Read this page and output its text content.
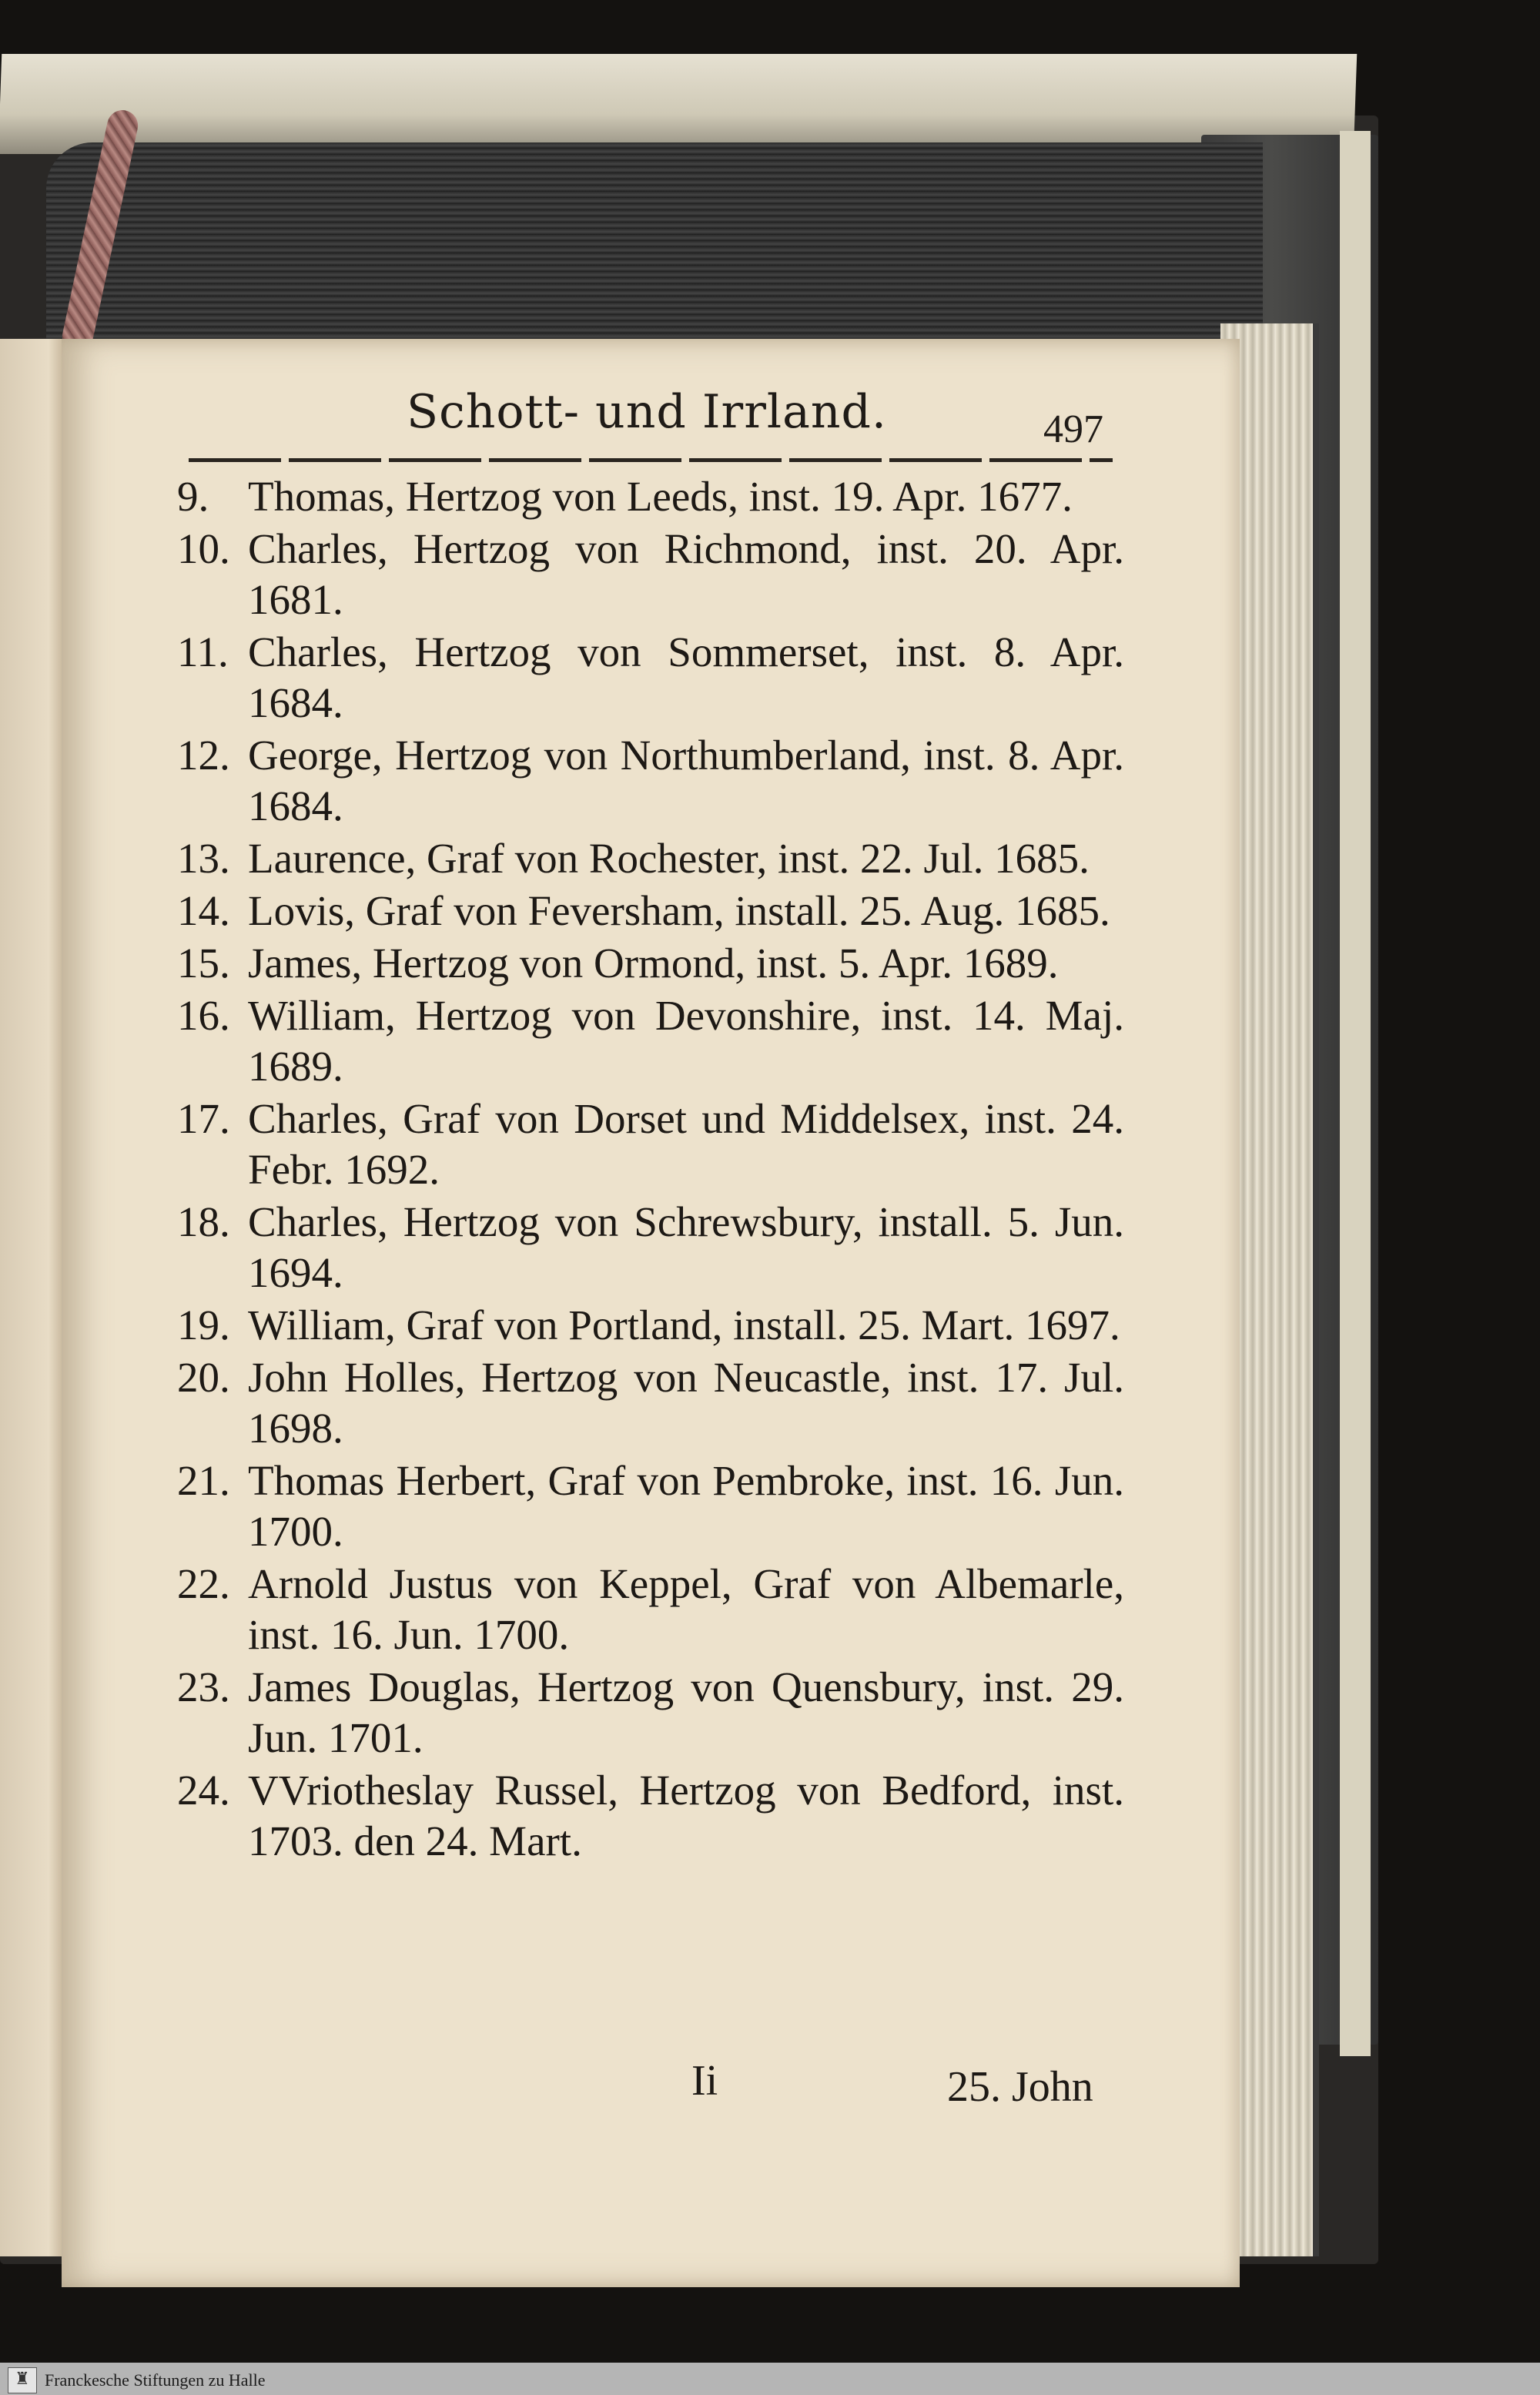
Schott- und Irrland.	497
9. Thomas, Hertzog von Leeds, inst. 19. Apr. 1677.
10. Charles, Hertzog von Richmond, inst. 20. Apr. 1681.
11. Charles, Hertzog von Sommerset, inst. 8. Apr. 1684.
12. George, Hertzog von Northumberland, inst. 8. Apr. 1684.
13. Laurence, Graf von Rochester, inst. 22. Jul. 1685.
14. Lovis, Graf von Feversham, install. 25. Aug. 1685.
15. James, Hertzog von Ormond, inst. 5. Apr. 1689.
16. William, Hertzog von Devonshire, inst. 14. Maj. 1689.
17. Charles, Graf von Dorset und Middelsex, inst. 24. Febr. 1692.
18. Charles, Hertzog von Schrewsbury, install. 5. Jun. 1694.
19. William, Graf von Portland, install. 25. Mart. 1697.
20. John Holles, Hertzog von Neucastle, inst. 17. Jul. 1698.
21. Thomas Herbert, Graf von Pembroke, inst. 16. Jun. 1700.
22. Arnold Justus von Keppel, Graf von Albemarle, inst. 16. Jun. 1700.
23. James Douglas, Hertzog von Quensbury, inst. 29. Jun. 1701.
24. VVriotheslay Russel, Hertzog von Bedford, inst. 1703. den 24. Mart.
Ii	25. John
♜ Franckesche Stiftungen zu Halle
